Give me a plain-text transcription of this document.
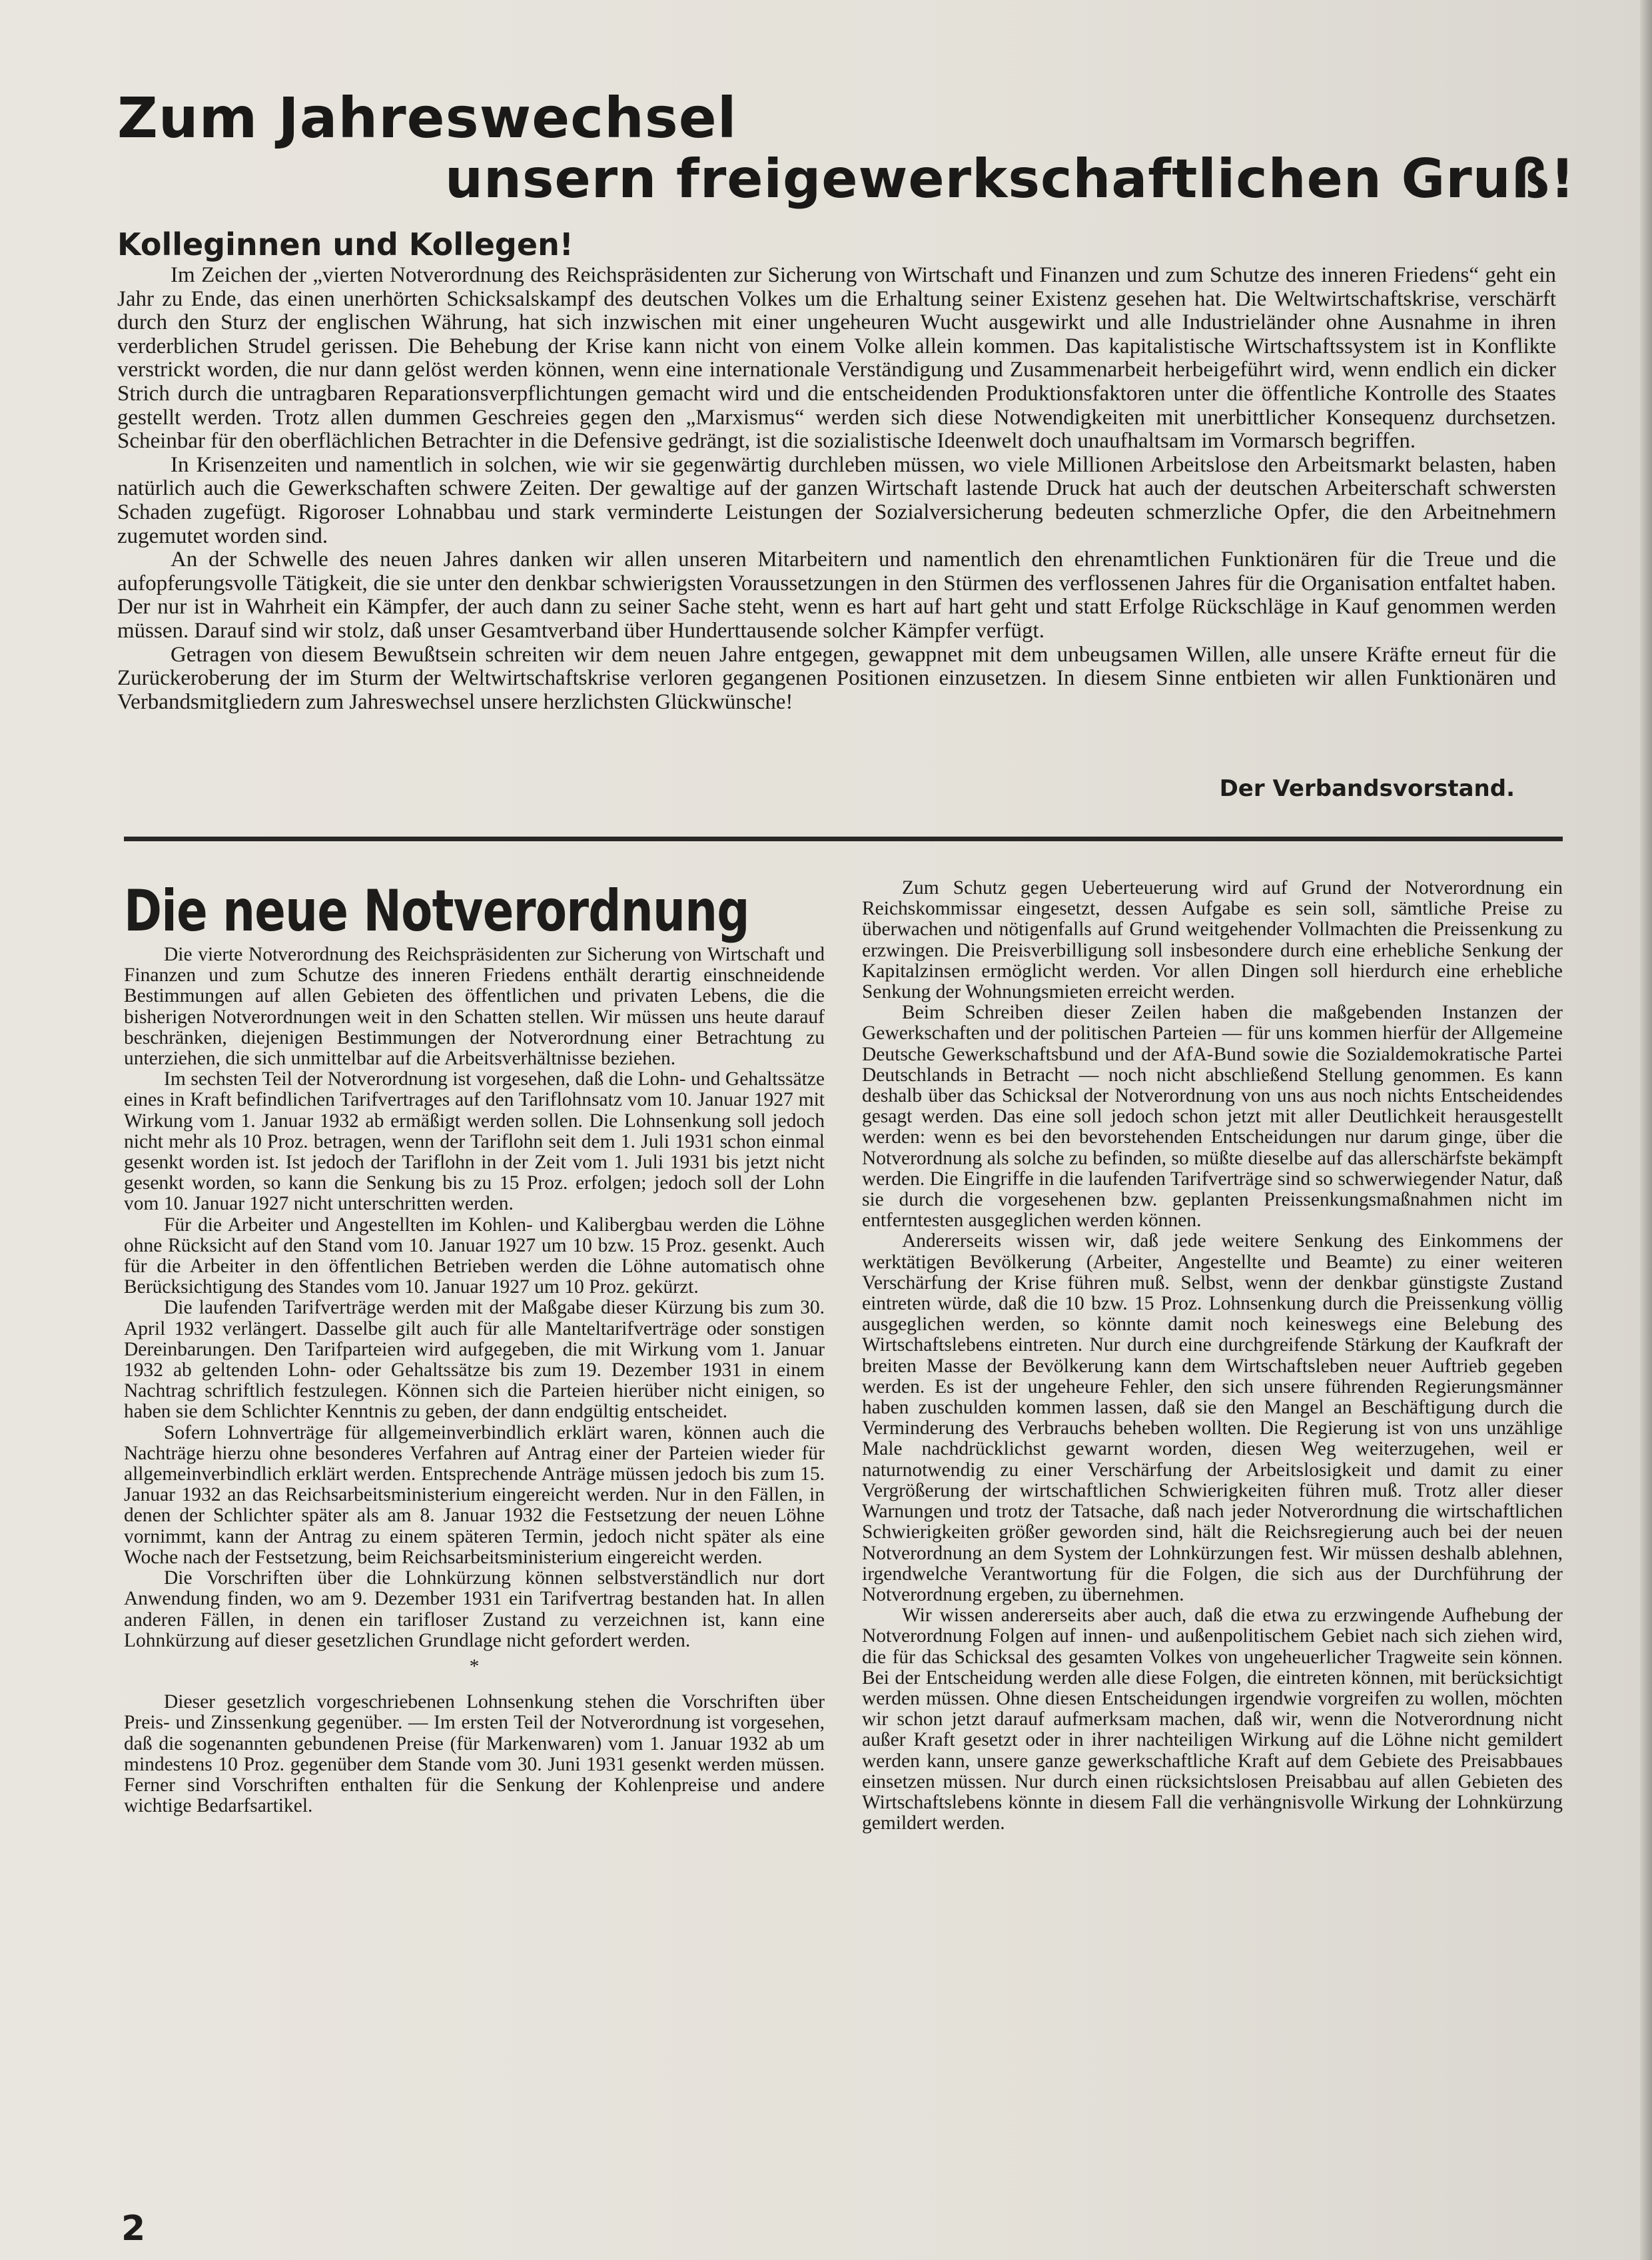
Zum Jahreswechsel
unsern freigewerkschaftlichen Gruß!
Kolleginnen und Kollegen!

Im Zeichen der „vierten Notverordnung des Reichspräsidenten zur Sicherung von Wirtschaft und Finanzen und zum Schutze des inneren Friedens“ geht ein Jahr zu Ende, das einen unerhörten Schicksalskampf des deutschen Volkes um die Erhaltung seiner Existenz gesehen hat. Die Weltwirtschaftskrise, verschärft durch den Sturz der englischen Währung, hat sich inzwischen mit einer ungeheuren Wucht ausgewirkt und alle Industrieländer ohne Ausnahme in ihren verderblichen Strudel gerissen. Die Behebung der Krise kann nicht von einem Volke allein kommen. Das kapitalistische Wirtschaftssystem ist in Konflikte verstrickt worden, die nur dann gelöst werden können, wenn eine internationale Verständigung und Zusammenarbeit herbeigeführt wird, wenn endlich ein dicker Strich durch die untragbaren Reparationsverpflichtungen gemacht wird und die entscheidenden Produktionsfaktoren unter die öffentliche Kontrolle des Staates gestellt werden. Trotz allen dummen Geschreies gegen den „Marxismus“ werden sich diese Notwendigkeiten mit unerbittlicher Konsequenz durchsetzen. Scheinbar für den oberflächlichen Betrachter in die Defensive gedrängt, ist die sozialistische Ideenwelt doch unaufhaltsam im Vormarsch begriffen.

In Krisenzeiten und namentlich in solchen, wie wir sie gegenwärtig durchleben müssen, wo viele Millionen Arbeitslose den Arbeitsmarkt belasten, haben natürlich auch die Gewerkschaften schwere Zeiten. Der gewaltige auf der ganzen Wirtschaft lastende Druck hat auch der deutschen Arbeiterschaft schwersten Schaden zugefügt. Rigoroser Lohnabbau und stark verminderte Leistungen der Sozialversicherung bedeuten schmerzliche Opfer, die den Arbeitnehmern zugemutet worden sind.

An der Schwelle des neuen Jahres danken wir allen unseren Mitarbeitern und namentlich den ehrenamtlichen Funktionären für die Treue und die aufopferungsvolle Tätigkeit, die sie unter den denkbar schwierigsten Voraussetzungen in den Stürmen des verflossenen Jahres für die Organisation entfaltet haben. Der nur ist in Wahrheit ein Kämpfer, der auch dann zu seiner Sache steht, wenn es hart auf hart geht und statt Erfolge Rückschläge in Kauf genommen werden müssen. Darauf sind wir stolz, daß unser Gesamtverband über Hunderttausende solcher Kämpfer verfügt.

Getragen von diesem Bewußtsein schreiten wir dem neuen Jahre entgegen, gewappnet mit dem unbeugsamen Willen, alle unsere Kräfte erneut für die Zurückeroberung der im Sturm der Weltwirtschaftskrise verloren gegangenen Positionen einzusetzen. In diesem Sinne entbieten wir allen Funktionären und Verbandsmitgliedern zum Jahreswechsel unsere herzlichsten Glückwünsche!

Der Verbandsvorstand.
Die neue Notverordnung

Die vierte Notverordnung des Reichspräsidenten zur Sicherung von Wirtschaft und Finanzen und zum Schutze des inneren Friedens enthält derartig einschneidende Bestimmungen auf allen Gebieten des öffentlichen und privaten Lebens, die die bisherigen Notverordnungen weit in den Schatten stellen. Wir müssen uns heute darauf beschränken, diejenigen Bestimmungen der Notverordnung einer Betrachtung zu unterziehen, die sich unmittelbar auf die Arbeitsverhältnisse beziehen.

Im sechsten Teil der Notverordnung ist vorgesehen, daß die Lohn- und Gehaltssätze eines in Kraft befindlichen Tarifvertrages auf den Tariflohnsatz vom 10. Januar 1927 mit Wirkung vom 1. Januar 1932 ab ermäßigt werden sollen. Die Lohnsenkung soll jedoch nicht mehr als 10 Proz. betragen, wenn der Tariflohn seit dem 1. Juli 1931 schon einmal gesenkt worden ist. Ist jedoch der Tariflohn in der Zeit vom 1. Juli 1931 bis jetzt nicht gesenkt worden, so kann die Senkung bis zu 15 Proz. erfolgen; jedoch soll der Lohn vom 10. Januar 1927 nicht unterschritten werden.

Für die Arbeiter und Angestellten im Kohlen- und Kalibergbau werden die Löhne ohne Rücksicht auf den Stand vom 10. Januar 1927 um 10 bzw. 15 Proz. gesenkt. Auch für die Arbeiter in den öffentlichen Betrieben werden die Löhne automatisch ohne Berücksichtigung des Standes vom 10. Januar 1927 um 10 Proz. gekürzt.

Die laufenden Tarifverträge werden mit der Maßgabe dieser Kürzung bis zum 30. April 1932 verlängert. Dasselbe gilt auch für alle Manteltarifverträge oder sonstigen Dereinbarungen. Den Tarifparteien wird aufgegeben, die mit Wirkung vom 1. Januar 1932 ab geltenden Lohn- oder Gehaltssätze bis zum 19. Dezember 1931 in einem Nachtrag schriftlich festzulegen. Können sich die Parteien hierüber nicht einigen, so haben sie dem Schlichter Kenntnis zu geben, der dann endgültig entscheidet.

Sofern Lohnverträge für allgemeinverbindlich erklärt waren, können auch die Nachträge hierzu ohne besonderes Verfahren auf Antrag einer der Parteien wieder für allgemeinverbindlich erklärt werden. Entsprechende Anträge müssen jedoch bis zum 15. Januar 1932 an das Reichsarbeitsministerium eingereicht werden. Nur in den Fällen, in denen der Schlichter später als am 8. Januar 1932 die Festsetzung der neuen Löhne vornimmt, kann der Antrag zu einem späteren Termin, jedoch nicht später als eine Woche nach der Festsetzung, beim Reichsarbeitsministerium eingereicht werden.

Die Vorschriften über die Lohnkürzung können selbstverständlich nur dort Anwendung finden, wo am 9. Dezember 1931 ein Tarifvertrag bestanden hat. In allen anderen Fällen, in denen ein tarifloser Zustand zu verzeichnen ist, kann eine Lohnkürzung auf dieser gesetzlichen Grundlage nicht gefordert werden.

*

Dieser gesetzlich vorgeschriebenen Lohnsenkung stehen die Vorschriften über Preis- und Zinssenkung gegenüber. — Im ersten Teil der Notverordnung ist vorgesehen, daß die sogenannten gebundenen Preise (für Markenwaren) vom 1. Januar 1932 ab um mindestens 10 Proz. gegenüber dem Stande vom 30. Juni 1931 gesenkt werden müssen. Ferner sind Vorschriften enthalten für die Senkung der Kohlenpreise und andere wichtige Bedarfsartikel.

Zum Schutz gegen Ueberteuerung wird auf Grund der Notverordnung ein Reichskommissar eingesetzt, dessen Aufgabe es sein soll, sämtliche Preise zu überwachen und nötigenfalls auf Grund weitgehender Vollmachten die Preissenkung zu erzwingen. Die Preisverbilligung soll insbesondere durch eine erhebliche Senkung der Kapitalzinsen ermöglicht werden. Vor allen Dingen soll hierdurch eine erhebliche Senkung der Wohnungsmieten erreicht werden.

Beim Schreiben dieser Zeilen haben die maßgebenden Instanzen der Gewerkschaften und der politischen Parteien — für uns kommen hierfür der Allgemeine Deutsche Gewerkschaftsbund und der AfA-Bund sowie die Sozialdemokratische Partei Deutschlands in Betracht — noch nicht abschließend Stellung genommen. Es kann deshalb über das Schicksal der Notverordnung von uns aus noch nichts Entscheidendes gesagt werden. Das eine soll jedoch schon jetzt mit aller Deutlichkeit herausgestellt werden: wenn es bei den bevorstehenden Entscheidungen nur darum ginge, über die Notverordnung als solche zu befinden, so müßte dieselbe auf das allerschärfste bekämpft werden. Die Eingriffe in die laufenden Tarifverträge sind so schwerwiegender Natur, daß sie durch die vorgesehenen bzw. geplanten Preissenkungsmaßnahmen nicht im entferntesten ausgeglichen werden können.

Andererseits wissen wir, daß jede weitere Senkung des Einkommens der werktätigen Bevölkerung (Arbeiter, Angestellte und Beamte) zu einer weiteren Verschärfung der Krise führen muß. Selbst, wenn der denkbar günstigste Zustand eintreten würde, daß die 10 bzw. 15 Proz. Lohnsenkung durch die Preissenkung völlig ausgeglichen werden, so könnte damit noch keineswegs eine Belebung des Wirtschaftslebens eintreten. Nur durch eine durchgreifende Stärkung der Kaufkraft der breiten Masse der Bevölkerung kann dem Wirtschaftsleben neuer Auftrieb gegeben werden. Es ist der ungeheure Fehler, den sich unsere führenden Regierungsmänner haben zuschulden kommen lassen, daß sie den Mangel an Beschäftigung durch die Verminderung des Verbrauchs beheben wollten. Die Regierung ist von uns unzählige Male nachdrücklichst gewarnt worden, diesen Weg weiterzugehen, weil er naturnotwendig zu einer Verschärfung der Arbeitslosigkeit und damit zu einer Vergrößerung der wirtschaftlichen Schwierigkeiten führen muß. Trotz aller dieser Warnungen und trotz der Tatsache, daß nach jeder Notverordnung die wirtschaftlichen Schwierigkeiten größer geworden sind, hält die Reichsregierung auch bei der neuen Notverordnung an dem System der Lohnkürzungen fest. Wir müssen deshalb ablehnen, irgendwelche Verantwortung für die Folgen, die sich aus der Durchführung der Notverordnung ergeben, zu übernehmen.

Wir wissen andererseits aber auch, daß die etwa zu erzwingende Aufhebung der Notverordnung Folgen auf innen- und außenpolitischem Gebiet nach sich ziehen wird, die für das Schicksal des gesamten Volkes von ungeheuerlicher Tragweite sein können. Bei der Entscheidung werden alle diese Folgen, die eintreten können, mit berücksichtigt werden müssen. Ohne diesen Entscheidungen irgendwie vorgreifen zu wollen, möchten wir schon jetzt darauf aufmerksam machen, daß wir, wenn die Notverordnung nicht außer Kraft gesetzt oder in ihrer nachteiligen Wirkung auf die Löhne nicht gemildert werden kann, unsere ganze gewerkschaftliche Kraft auf dem Gebiete des Preisabbaues einsetzen müssen. Nur durch einen rücksichtslosen Preisabbau auf allen Gebieten des Wirtschaftslebens könnte in diesem Fall die verhängnisvolle Wirkung der Lohnkürzung gemildert werden.

2
